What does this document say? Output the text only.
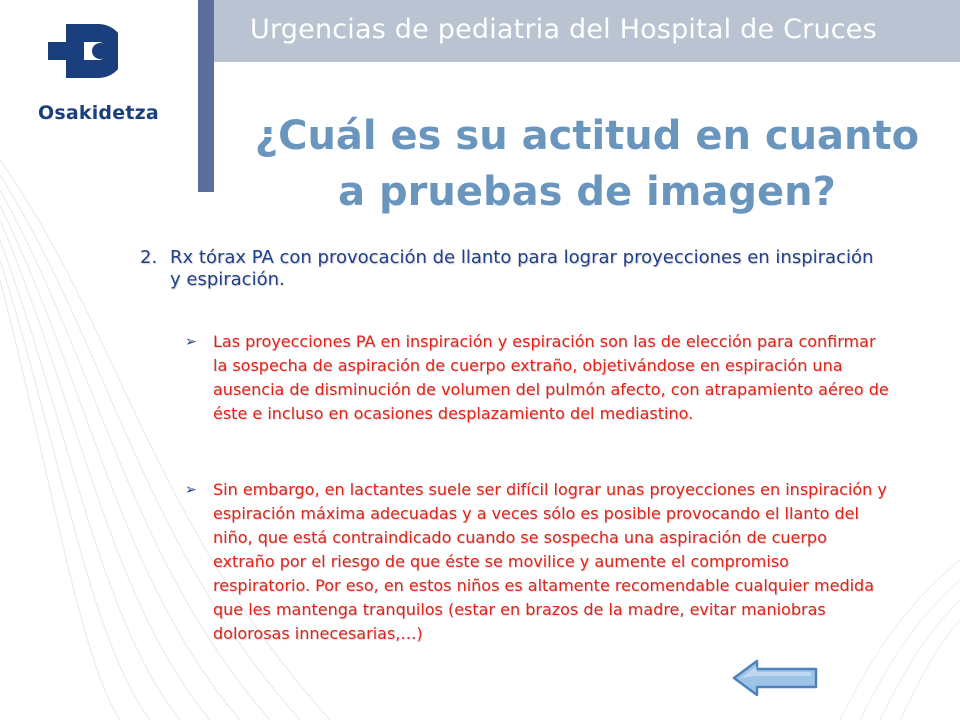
Osakidetza
Urgencias de pediatria del Hospital de Cruces
¿Cuál es su actitud en cuanto
a pruebas de imagen?
2. Rx tórax PA con provocación de llanto para lograr proyecciones en inspiración y espiración.
➢	Las proyecciones PA en inspiración y espiración son las de elección para confirmar la sospecha de aspiración de cuerpo extraño, objetivándose en espiración una ausencia de disminución de volumen del pulmón afecto, con atrapamiento aéreo de éste e incluso en ocasiones desplazamiento del mediastino.
➢	Sin embargo, en lactantes suele ser difícil lograr unas proyecciones en inspiración y espiración máxima adecuadas y a veces sólo es posible provocando el llanto del niño, que está contraindicado cuando se sospecha una aspiración de cuerpo extraño por el riesgo de que éste se movilice y aumente el compromiso respiratorio. Por eso, en estos niños es altamente recomendable cualquier medida que les mantenga tranquilos (estar en brazos de la madre, evitar maniobras dolorosas innecesarias,…)
